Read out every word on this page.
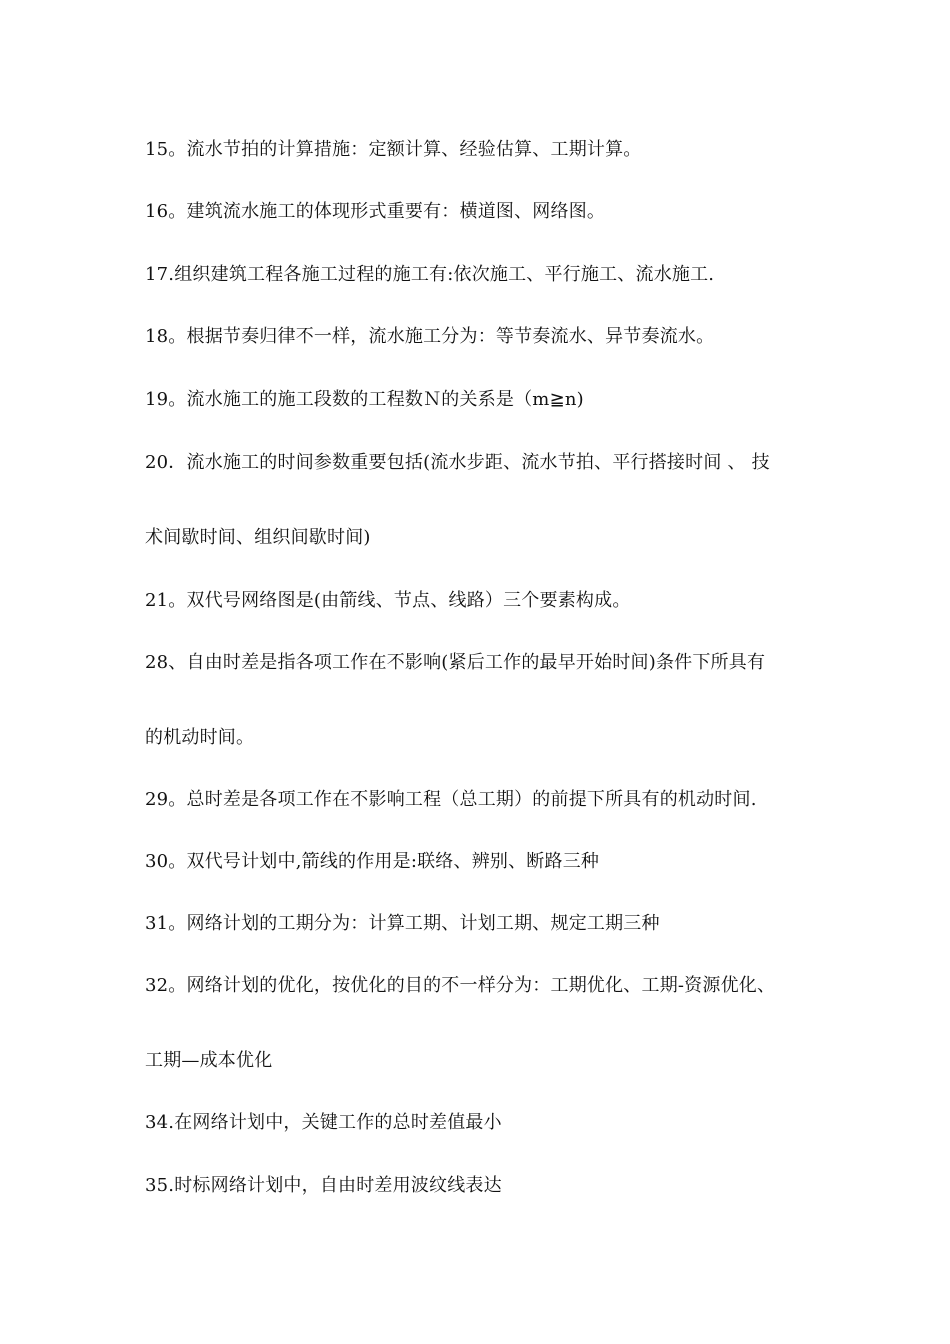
15。流水节拍的计算措施：定额计算、经验估算、工期计算。
16。建筑流水施工的体现形式重要有：横道图、网络图。
17.组织建筑工程各施工过程的施工有:依次施工、平行施工、流水施工.
18。根据节奏归律不一样，流水施工分为：等节奏流水、异节奏流水。
19。流水施工的施工段数的工程数Ｎ的关系是（m≧n)
20．流水施工的时间参数重要包括(流水步距、流水节拍、平行搭接时间 、 技
术间歇时间、组织间歇时间)
21。双代号网络图是(由箭线、节点、线路）三个要素构成。
28、自由时差是指各项工作在不影响(紧后工作的最早开始时间)条件下所具有
的机动时间。
29。总时差是各项工作在不影响工程（总工期）的前提下所具有的机动时间.
30。双代号计划中,箭线的作用是:联络、辨别、断路三种
31。网络计划的工期分为：计算工期、计划工期、规定工期三种
32。网络计划的优化，按优化的目的不一样分为：工期优化、工期-资源优化、
工期—成本优化
34.在网络计划中，关键工作的总时差值最小
35.时标网络计划中，自由时差用波纹线表达
